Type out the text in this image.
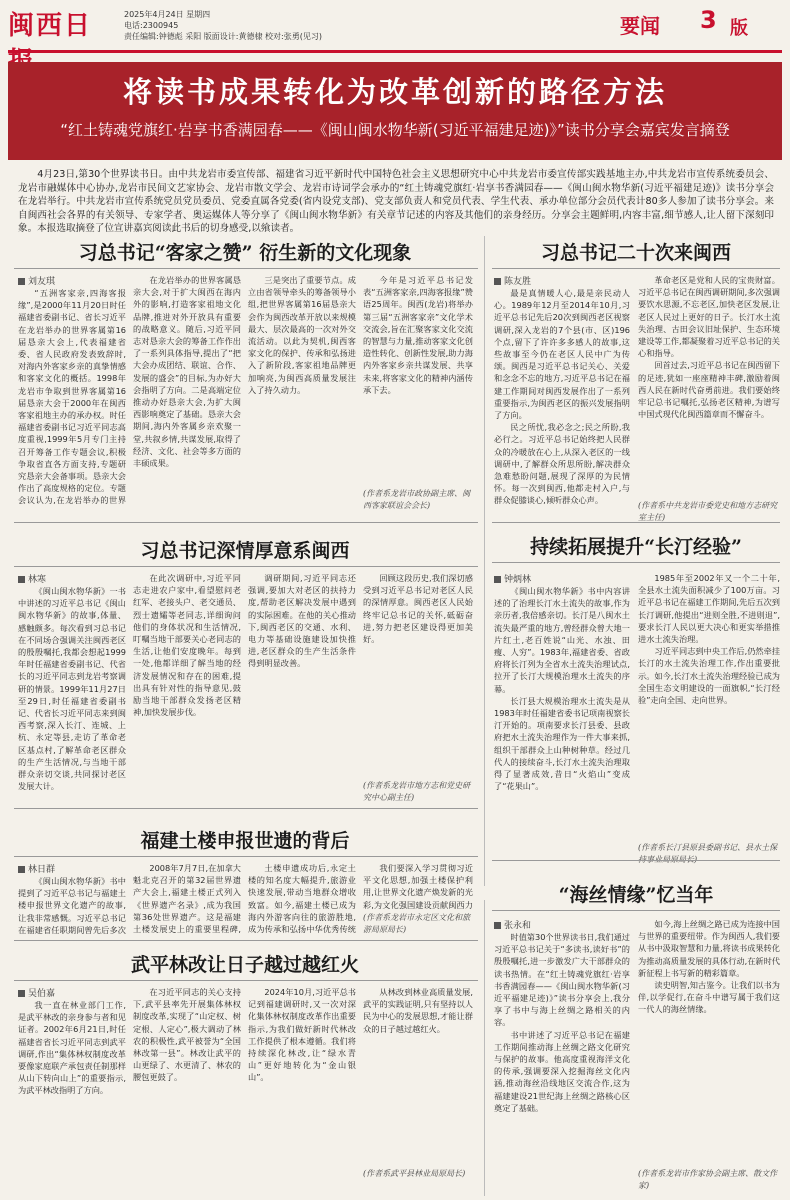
闽西日	2025年4月24日 星期四
电话:2300945
责任编辑:钟德彪 采阳 版面设计:黄德棣 校对:张勇(见习)	要闻 3 版
将读书成果转化为改革创新的路径方法
“红土铸魂党旗红·岩享书香满园春——《闽山闽水物华新(习近平福建足迹)》”读书分享会嘉宾发言摘登
4月23日,第30个世界读书日。由中共龙岩市委宣传部、福建省习近平新时代中国特色社会主义思想研究中心中共龙岩市委宣传部实践基地主办,中共龙岩市宣传系统委员会、龙岩市融媒体中心协办,龙岩市民间文艺家协会、龙岩市散文学会、龙岩市诗词学会承办的“红土铸魂党旗红·岩享书香满园春——《闽山闽水物华新(习近平福建足迹)》读书分享会在龙岩举行。中共龙岩市宣传系统党员党员委员、党委直属各党委(省内设党支部)、党支部负责人和党员代表、学生代表、承办单位部分会员代表计80多人参加了读书分享会。来自闽西社会各界的有关领导、专家学者、奥运媒体人等分享了《闽山闽水物华新》有关章节记述的内容及其他们的亲身经历。分享会主题鲜明,内容丰富,细节感人,让人留下深刻印象。本报选取摘登了位宣讲嘉宾阅读此书后的切身感受,以飨读者。
习总书记“客家之赞” 衍生新的文化现象
刘友琪

“五洲客家亲,四海客报缘”,是2000年11月20日时任福建省委副书记、省长习近平在龙岩举办的世界客属第16届恳亲大会上,代表福建省委、省人民政府发表致辞时,对海内外客家乡亲的真挚情感和客家文化的概括。1998年龙岩市争取到世界客属第16届恳亲大会于2000年在闽西客家祖地主办的承办权。时任福建省委副书记习近平同志高度重视,1999年5月专门主持召开筹备工作专题会议,积极争取省直各方面支持,专题研究恳亲大会备事项。恳亲大会作出了高度规格的定位。专题会议认为,在龙岩举办的世界

在龙岩举办的世界客属恳亲大会,对于扩大闽西在海内外的影响,打造客家祖地文化品牌,推进对外开放具有重要的战略意义。随后,习近平同志对恳亲大会的筹备工作作出了一系列具体指导,提出了“把大会办成团结、联谊、合作、发展的盛会”的目标,为办好大会指明了方向。二是高端定位推动办好恳亲大会,为扩大闽西影响奠定了基础。恳亲大会期间,海内外客属乡亲欢聚一堂,共叙乡情,共谋发展,取得了经济、文化、社会等多方面的丰硕成果。

三是突出了重要节点。成立由省领导牵头的筹备领导小组,把世界客属第16届恳亲大会作为闽西改革开放以来规模最大、层次最高的一次对外交流活动。以此为契机,闽西客家文化的保护、传承和弘扬进入了新阶段,客家祖地品牌更加响亮,为闽西高质量发展注入了持久动力。

今年是习近平总书记发表“五洲客家亲,四海客报缘”赞语25周年。闽西(龙岩)将举办第三届“五洲客家亲”文化学术交流会,旨在汇聚客家文化交流的智慧与力量,推动客家文化创造性转化、创新性发展,助力海内外客家乡亲共谋发展、共享未来,将客家文化的精神内涵传承下去。

(作者系龙岩市政协副主席、闽西客家联谊会会长)
习总书记二十次来闽西
陈友胜

最是真情暖人心,最是亲民动人心。1989年12月至2014年10月,习近平总书记先后20次到闽西老区视察调研,深入龙岩的7个县(市、区)196个点,留下了许许多多感人的故事,这些故事至今仍在老区人民中广为传颂。闽西是习近平总书记关心、关爱和念念不忘的地方,习近平总书记在福建工作期间对闽西发展作出了一系列重要指示,为闽西老区的振兴发展指明了方向。

民之所忧,我必念之;民之所盼,我必行之。习近平总书记始终把人民群众的冷暖放在心上,从深入老区的一线调研中,了解群众所思所盼,解决群众急难愁盼问题,展现了深厚的为民情怀。每一次到闽西,他都走村入户,与群众促膝谈心,倾听群众心声。

革命老区是党和人民的宝贵财富。习近平总书记在闽西调研期间,多次强调要饮水思源,不忘老区,加快老区发展,让老区人民过上更好的日子。长汀水土流失治理、古田会议旧址保护、生态环境建设等工作,都凝聚着习近平总书记的关心和指导。

回首过去,习近平总书记在闽西留下的足迹,犹如一座座精神丰碑,激励着闽西人民在新时代奋勇前进。我们要始终牢记总书记嘱托,弘扬老区精神,为谱写中国式现代化闽西篇章而不懈奋斗。

(作者系中共龙岩市委党史和地方志研究室主任)
习总书记深情厚意系闽西
林寒

《闽山闽水物华新》一书中讲述的习近平总书记《闽山闽水物华新》的故事,体量、感触颇多。每次看到习总书记在不同场合强调关注闽西老区的殷殷嘱托,我都会想起1999年时任福建省委副书记、代省长的习近平同志到龙岩考察调研的情景。1999年11月27日至29日,时任福建省委副书记、代省长习近平同志来到闽西考察,深入长汀、连城、上杭、永定等县,走访了革命老区基点村,了解革命老区群众的生产生活情况,与当地干部群众亲切交谈,共同探讨老区发展大计。

在此次调研中,习近平同志走进农户家中,看望慰问老红军、老接头户、老交通员、烈士遗孀等老同志,详细询问他们的身体状况和生活情况,叮嘱当地干部要关心老同志的生活,让他们安度晚年。每到一处,他都详细了解当地的经济发展情况和存在的困难,提出具有针对性的指导意见,鼓励当地干部群众发扬老区精神,加快发展步伐。

调研期间,习近平同志还强调,要加大对老区的扶持力度,帮助老区解决发展中遇到的实际困难。在他的关心推动下,闽西老区的交通、水利、电力等基础设施建设加快推进,老区群众的生产生活条件得到明显改善。

回顾这段历史,我们深切感受到习近平总书记对老区人民的深情厚意。闽西老区人民始终牢记总书记的关怀,砥砺奋进,努力把老区建设得更加美好。

(作者系龙岩市地方志和党史研究中心副主任)
持续拓展提升“长汀经验”
钟炳林

《闽山闽水物华新》书中内容讲述的了治理长汀水土流失的故事,作为亲历者,我倍感亲切。长汀是八闽水土流失最严重的地方,曾经群众曾大地一片红土,老百姓说“山光、水浊、田瘦、人穷”。1983年,福建省委、省政府将长汀列为全省水土流失治理试点,拉开了长汀大规模治理水土流失的序幕。

长汀县大规模治理水土流失是从1983年时任福建省委书记项南视察长汀开始的。项南要求长汀县委、县政府把水土流失治理作为一件大事来抓,组织干部群众上山种树种草。经过几代人的接续奋斗,长汀水土流失治理取得了显著成效,昔日“火焰山”变成了“花果山”。

1985年至2002年又一个二十年,全县水土流失面积减少了100万亩。习近平总书记在福建工作期间,先后五次到长汀调研,他提出“进则全胜,不进则退”,要求长汀人民以更大决心和更实举措推进水土流失治理。

习近平同志到中央工作后,仍然牵挂长汀的水土流失治理工作,作出重要批示。如今,长汀水土流失治理经验已成为全国生态文明建设的一面旗帜,“长汀经验”走向全国、走向世界。

(作者系长汀县原县委副书记、县水土保
福建土楼申报世遗的背后
林日群

《闽山闽水物华新》书中提到了习近平总书记与福建土楼申报世界文化遗产的故事,让我非常感慨。习近平总书记在福建省任职期间曾先后多次

2008年7月7日,在加拿大魁北克召开的第32届世界遗产大会上,福建土楼正式列入《世界遗产名录》,成为我国第36处世界遗产。这是福建土楼发展史上的重要里程碑,

土楼申遗成功后,永定土楼的知名度大幅提升,旅游业快速发展,带动当地群众增收致富。如今,福建土楼已成为海内外游客向往的旅游胜地,成为传承和弘扬中华优秀传统

我们要深入学习贯彻习近平文化思想,加强土楼保护利用,让世界文化遗产焕发新的光彩,为文化强国建设贡献闽西力

(作者系龙岩市永定区文化和旅游局原局长)
“海丝情缘”忆当年
张永和

时值第30个世界读书日,我们通过习近平总书记关于“多读书,读好书”的殷殷嘱托,进一步激发广大干部群众的读书热情。在“红土铸魂党旗红·岩享书香满园春——《闽山闽水物华新(习近平福建足迹)》”读书分享会上,我分享了书中与海上丝绸之路相关的内容。

书中讲述了习近平总书记在福建工作期间推动海上丝绸之路文化研究与保护的故事。他高度重视海洋文化的传承,强调要深入挖掘海丝文化内涵,推动海丝沿线地区交流合作,这为福建建设21世纪海上丝绸之路核心区奠定了基础。

如今,海上丝绸之路已成为连接中国与世界的重要纽带。作为闽西人,我们要从书中汲取智慧和力量,将读书成果转化为推动高质量发展的具体行动,在新时代新征程上书写新的精彩篇章。

读史明智,知古鉴今。让我们以书为伴,以学促行,在奋斗中谱写属于我们这一代人的海丝情缘。

(作者系龙岩市作家协会副主席、散文作家)
武平林改让日子越过越红火
吴伯嘉

我一直在林业部门工作,是武平林改的亲身参与者和见证者。2002年6月21日,时任福建省省长习近平同志到武平调研,作出“集体林权制度改革要像家庭联产承包责任制那样从山下转向山上”的重要指示,为武平林改指明了方向。

在习近平同志的关心支持下,武平县率先开展集体林权制度改革,实现了“山定权、树定根、人定心”,极大调动了林农的积极性,武平被誉为“全国林改第一县”。林改让武平的山更绿了、水更清了、林农的腰包更鼓了。

2024年10月,习近平总书记到福建调研时,又一次对深化集体林权制度改革作出重要指示,为我们做好新时代林改工作提供了根本遵循。我们将持续深化林改,让“绿水青山”更好地转化为“金山银山”。

从林改到林业高质量发展,武平的实践证明,只有坚持以人民为中心的发展思想,才能让群众的日子越过越红火。

(作者系武平县林业局原局长)
